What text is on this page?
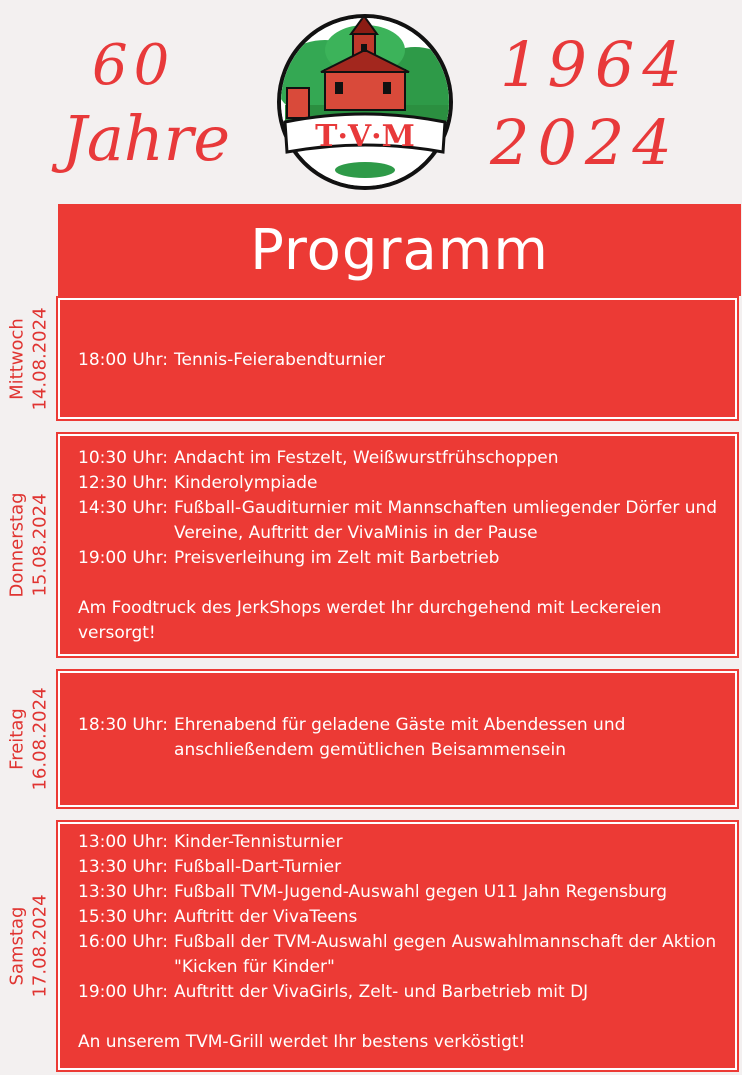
60
Jahre
1964
2024
T·V·M
Programm
Mittwoch 14.08.2024 18:00 Uhr: Tennis-Feierabendturnier
Donnerstag 15.08.2024
10:30 Uhr: Andacht im Festzelt, Weißwurstfrühschoppen
12:30 Uhr: Kinderolympiade
14:30 Uhr: Fußball-Gauditurnier mit Mannschaften umliegender Dörfer und Vereine, Auftritt der VivaMinis in der Pause
19:00 Uhr: Preisverleihung im Zelt mit Barbetrieb
Am Foodtruck des JerkShops werdet Ihr durchgehend mit Leckereien versorgt!
Freitag 16.08.2024 18:30 Uhr: Ehrenabend für geladene Gäste mit Abendessen und anschließendem gemütlichen Beisammensein
Samstag 17.08.2024
13:00 Uhr: Kinder-Tennisturnier
13:30 Uhr: Fußball-Dart-Turnier
13:30 Uhr: Fußball TVM-Jugend-Auswahl gegen U11 Jahn Regensburg
15:30 Uhr: Auftritt der VivaTeens
16:00 Uhr: Fußball der TVM-Auswahl gegen Auswahlmannschaft der Aktion "Kicken für Kinder"
19:00 Uhr: Auftritt der VivaGirls, Zelt- und Barbetrieb mit DJ
An unserem TVM-Grill werdet Ihr bestens verköstigt!
